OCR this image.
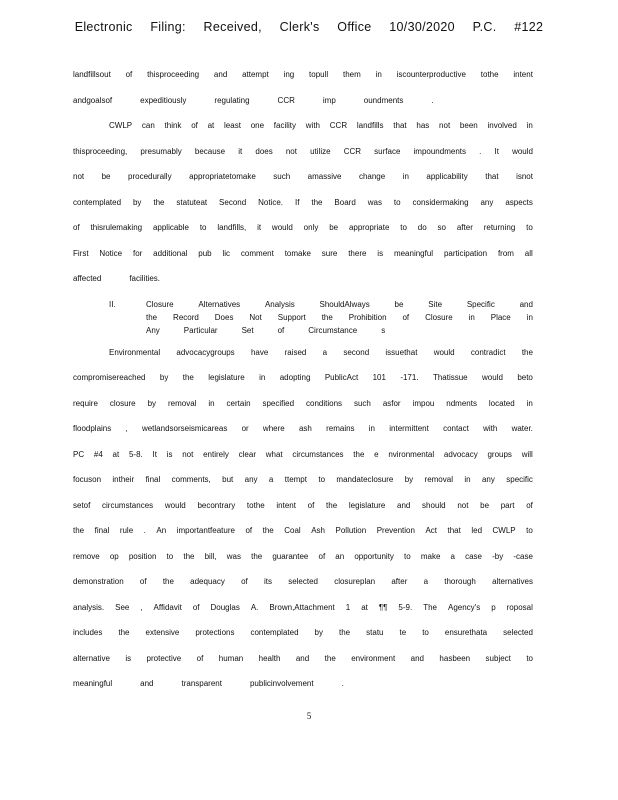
Electronic Filing: Received, Clerk's Office 10/30/2020 P.C. #122
landfillsout of thisproceeding and attempt ing topull them in iscounterproductive tothe intent
andgoalsof	expeditiously	regulating	CCR	imp	oundments	.
CWLP can think of at least one facility with CCR landfills that has not been involved in
thisproceeding, presumably because it does not utilize CCR surface impoundments . It would
not be procedurally appropriatetomake such amassive change in applicability that isnot
contemplated by the statuteat Second Notice. If the Board was to considermaking any aspects
of thisrulemaking applicable to landfills, it would only be appropriate to do so after returning to
First Notice for additional pub lic comment tomake sure there is meaningful participation from all
affected	facilities.
II.	Closure	Alternatives	Analysis	ShouldAlways	be	Site	Specific	and
the Record Does Not Support the Prohibition of Closure in Place in
Any	Particular	Set	of	Circumstance	s
Environmental advocacygroups have raised a second issuethat would contradict the
compromisereached by the legislature in adopting PublicAct 101 -171. Thatissue would beto
require closure by removal in certain specified conditions such asfor impou ndments located in
floodplains , wetlandsorseismicareas or where ash remains in intermittent contact with water.
PC #4 at 5-8. It is not entirely clear what circumstances the e nvironmental advocacy groups will
focuson intheir final comments, but any a ttempt to mandateclosure by removal in any specific
setof circumstances would becontrary tothe intent of the legislature and should not be part of
the final rule . An importantfeature of the Coal Ash Pollution Prevention Act that led CWLP to
remove op position to the bill, was the guarantee of an opportunity to make a case -by -case
demonstration of the adequacy of its selected closureplan after a thorough alternatives
analysis. See , Affidavit of Douglas A. Brown,Attachment 1 at ¶¶ 5-9. The Agency's p roposal
includes the extensive protections contemplated by the statu te to ensurethata selected
alternative is protective of human health and the environment and hasbeen subject to
meaningful	and	transparent	publicinvolvement	.
5
